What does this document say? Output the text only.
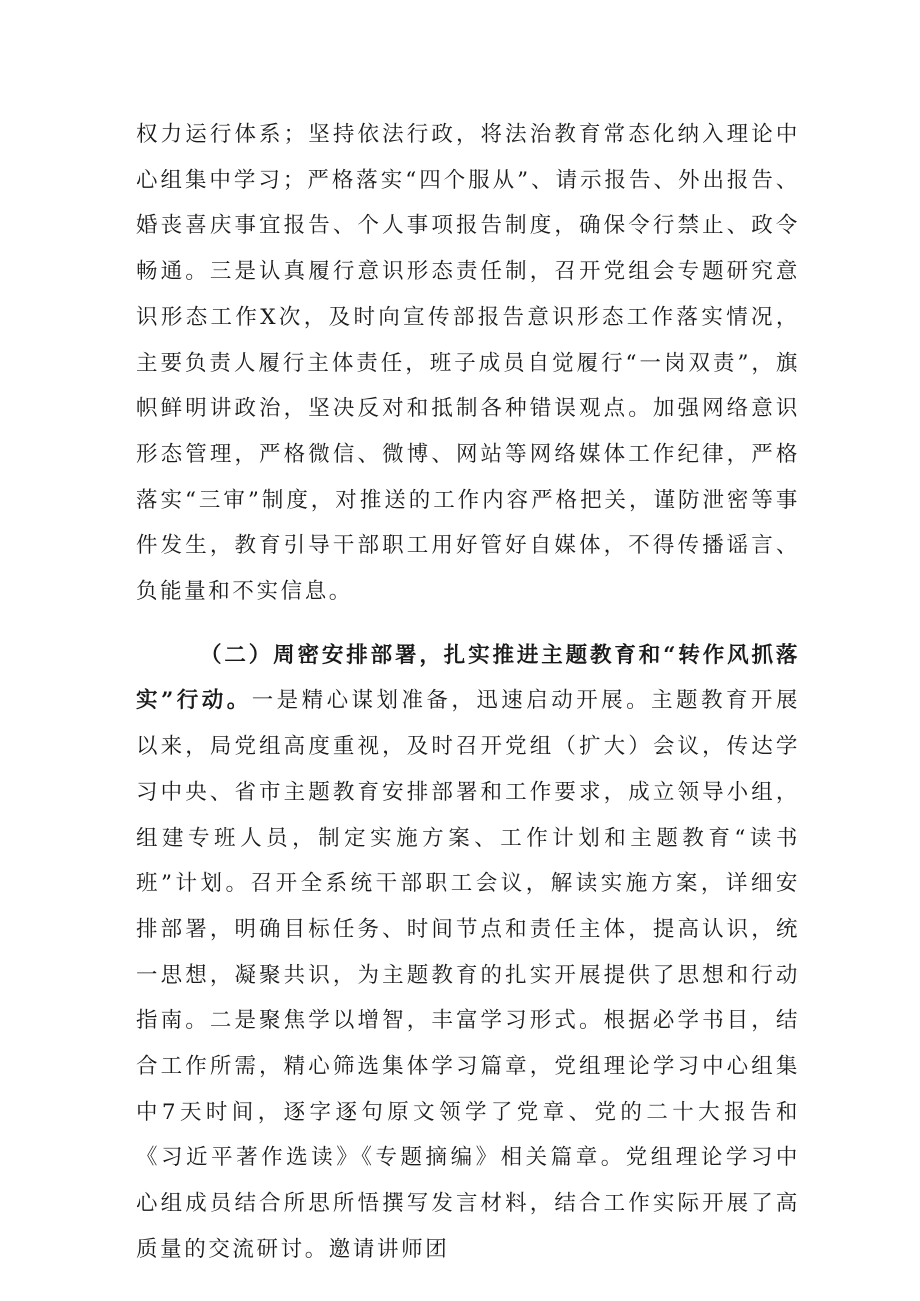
权力运行体系；坚持依法行政，将法治教育常态化纳入理论中心组集中学习；严格落实“四个服从”、请示报告、外出报告、婚丧喜庆事宜报告、个人事项报告制度，确保令行禁止、政令畅通。三是认真履行意识形态责任制，召开党组会专题研究意识形态工作X次，及时向宣传部报告意识形态工作落实情况，主要负责人履行主体责任，班子成员自觉履行“一岗双责”，旗帜鲜明讲政治，坚决反对和抵制各种错误观点。加强网络意识形态管理，严格微信、微博、网站等网络媒体工作纪律，严格落实“三审”制度，对推送的工作内容严格把关，谨防泄密等事件发生，教育引导干部职工用好管好自媒体，不得传播谣言、负能量和不实信息。

（二）周密安排部署，扎实推进主题教育和“转作风抓落实”行动。一是精心谋划准备，迅速启动开展。主题教育开展以来，局党组高度重视，及时召开党组（扩大）会议，传达学习中央、省市主题教育安排部署和工作要求，成立领导小组，组建专班人员，制定实施方案、工作计划和主题教育“读书班”计划。召开全系统干部职工会议，解读实施方案，详细安排部署，明确目标任务、时间节点和责任主体，提高认识，统一思想，凝聚共识，为主题教育的扎实开展提供了思想和行动指南。二是聚焦学以增智，丰富学习形式。根据必学书目，结合工作所需，精心筛选集体学习篇章，党组理论学习中心组集中7天时间，逐字逐句原文领学了党章、党的二十大报告和《习近平著作选读》《专题摘编》相关篇章。党组理论学习中心组成员结合所思所悟撰写发言材料，结合工作实际开展了高质量的交流研讨。邀请讲师团
